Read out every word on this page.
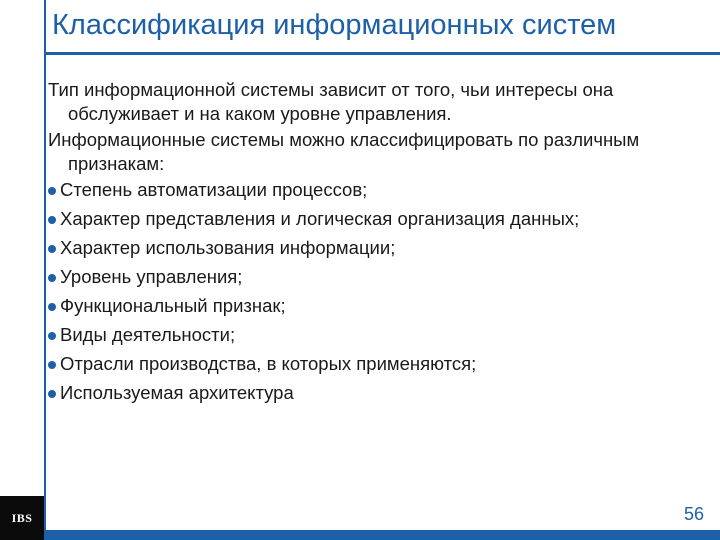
IBS
Классификация информационных систем

Тип информационной системы зависит от того, чьи интересы она обслуживает и на каком уровне управления.

Информационные системы можно классифицировать по различным признакам:

Степень автоматизации процессов;
Характер представления и логическая организация данных;
Характер использования информации;
Уровень управления;
Функциональный признак;
Виды деятельности;
Отрасли производства, в которых применяются;
Используемая архитектура
56
